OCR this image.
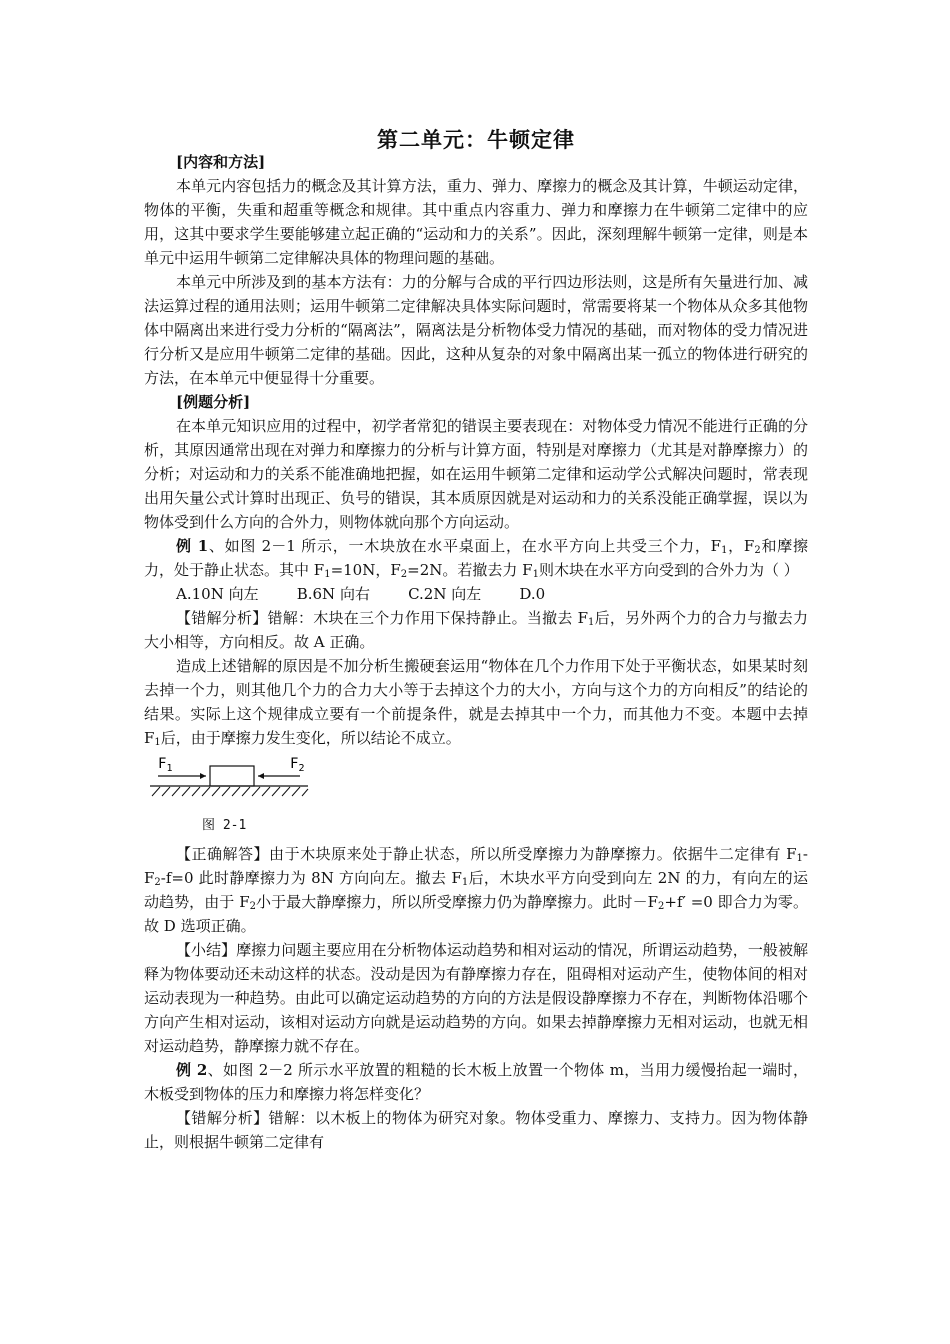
第二单元：牛顿定律
[内容和方法]

本单元内容包括力的概念及其计算方法，重力、弹力、摩擦力的概念及其计算，牛顿运动定律，物体的平衡，失重和超重等概念和规律。其中重点内容重力、弹力和摩擦力在牛顿第二定律中的应用，这其中要求学生要能够建立起正确的“运动和力的关系”。因此，深刻理解牛顿第一定律，则是本单元中运用牛顿第二定律解决具体的物理问题的基础。

本单元中所涉及到的基本方法有：力的分解与合成的平行四边形法则，这是所有矢量进行加、减法运算过程的通用法则；运用牛顿第二定律解决具体实际问题时，常需要将某一个物体从众多其他物体中隔离出来进行受力分析的“隔离法”，隔离法是分析物体受力情况的基础，而对物体的受力情况进行分析又是应用牛顿第二定律的基础。因此，这种从复杂的对象中隔离出某一孤立的物体进行研究的方法，在本单元中便显得十分重要。

[例题分析]

在本单元知识应用的过程中，初学者常犯的错误主要表现在：对物体受力情况不能进行正确的分析，其原因通常出现在对弹力和摩擦力的分析与计算方面，特别是对摩擦力（尤其是对静摩擦力）的分析；对运动和力的关系不能准确地把握，如在运用牛顿第二定律和运动学公式解决问题时，常表现出用矢量公式计算时出现正、负号的错误，其本质原因就是对运动和力的关系没能正确掌握，误以为物体受到什么方向的合外力，则物体就向那个方向运动。

例 1、如图 2－1 所示，一木块放在水平桌面上，在水平方向上共受三个力，$F_1$，$F_2$和摩擦力，处于静止状态。其中 $F_1=10N$，$F_2=2N$。若撤去力 $F_1$则木块在水平方向受到的合外力为（ ）

A.10N 向左        B.6N 向右        C.2N 向左        D.0

【错解分析】错解：木块在三个力作用下保持静止。当撤去 $F_1$后，另外两个力的合力与撤去力大小相等，方向相反。故 A 正确。

造成上述错解的原因是不加分析生搬硬套运用“物体在几个力作用下处于平衡状态，如果某时刻去掉一个力，则其他几个力的合力大小等于去掉这个力的大小，方向与这个力的方向相反”的结论的结果。实际上这个规律成立要有一个前提条件，就是去掉其中一个力，而其他力不变。本题中去掉 $F_1$后，由于摩擦力发生变化，所以结论不成立。

$F_1$	$F_2$
图 2-1

【正确解答】由于木块原来处于静止状态，所以所受摩擦力为静摩擦力。依据牛二定律有 $F_1-F_2-f=0$ 此时静摩擦力为 8N 方向向左。撤去 $F_1$后，木块水平方向受到向左 2N 的力，有向左的运动趋势，由于 $F_2$小于最大静摩擦力，所以所受摩擦力仍为静摩擦力。此时$-F_2+f' =0$ 即合力为零。故 D 选项正确。

【小结】摩擦力问题主要应用在分析物体运动趋势和相对运动的情况，所谓运动趋势，一般被解释为物体要动还未动这样的状态。没动是因为有静摩擦力存在，阻碍相对运动产生，使物体间的相对运动表现为一种趋势。由此可以确定运动趋势的方向的方法是假设静摩擦力不存在，判断物体沿哪个方向产生相对运动，该相对运动方向就是运动趋势的方向。如果去掉静摩擦力无相对运动，也就无相对运动趋势，静摩擦力就不存在。

例 2、如图 2－2 所示水平放置的粗糙的长木板上放置一个物体 m，当用力缓慢抬起一端时，木板受到物体的压力和摩擦力将怎样变化？

【错解分析】错解：以木板上的物体为研究对象。物体受重力、摩擦力、支持力。因为物体静止，则根据牛顿第二定律有
